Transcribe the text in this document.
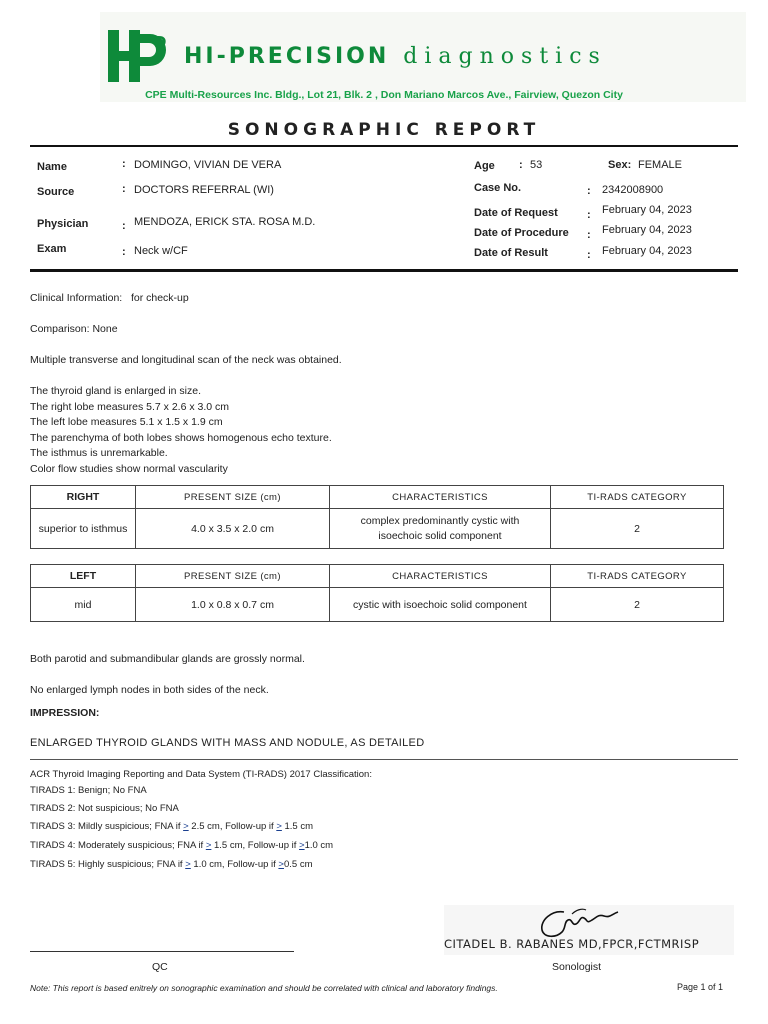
D
HI-PRECISION diagnostics
CPE Multi-Resources Inc. Bldg., Lot 21, Blk. 2 , Don Mariano Marcos Ave., Fairview, Quezon City
SONOGRAPHIC REPORT
Name	: DOMINGO, VIVIAN DE VERA
Source	: DOCTORS REFERRAL (WI)
Physician	: MENDOZA, ERICK STA. ROSA M.D.
Exam	: Neck w/CF
Age : 53	Sex: FEMALE
Case No.	: 2342008900
Date of Request	: February 04, 2023
Date of Procedure : February 04, 2023
Date of Result	: February 04, 2023
Clinical Information:   for check-up
Comparison: None
Multiple transverse and longitudinal scan of the neck was obtained.
The thyroid gland is enlarged in size.
The right lobe measures 5.7 x 2.6 x 3.0 cm
The left lobe measures 5.1 x 1.5 x 1.9 cm
The parenchyma of both lobes shows homogenous echo texture.
The isthmus is unremarkable.
Color flow studies show normal vascularity
RIGHT	PRESENT SIZE (cm)	CHARACTERISTICS	TI-RADS CATEGORY
superior to isthmus	4.0 x 3.5 x 2.0 cm	complex predominantly cystic with isoechoic solid component	2
LEFT	PRESENT SIZE (cm)	CHARACTERISTICS	TI-RADS CATEGORY
mid	1.0 x 0.8 x 0.7 cm	cystic with isoechoic solid component	2
Both parotid and submandibular glands are grossly normal.
No enlarged lymph nodes in both sides of the neck.
IMPRESSION:
ENLARGED THYROID GLANDS WITH MASS AND NODULE, AS DETAILED
ACR Thyroid Imaging Reporting and Data System (TI-RADS) 2017 Classification:
TIRADS 1: Benign; No FNA
TIRADS 2: Not suspicious; No FNA
TIRADS 3: Mildly suspicious; FNA if > 2.5 cm, Follow-up if > 1.5 cm
TIRADS 4: Moderately suspicious; FNA if > 1.5 cm, Follow-up if >1.0 cm
TIRADS 5: Highly suspicious; FNA if > 1.0 cm, Follow-up if >0.5 cm
CITADEL B. RABANES MD,FPCR,FCTMRISP
QC	Sonologist
Note: This report is based enitrely on sonographic examination and should be correlated with clinical and laboratory findings.	Page 1 of 1
